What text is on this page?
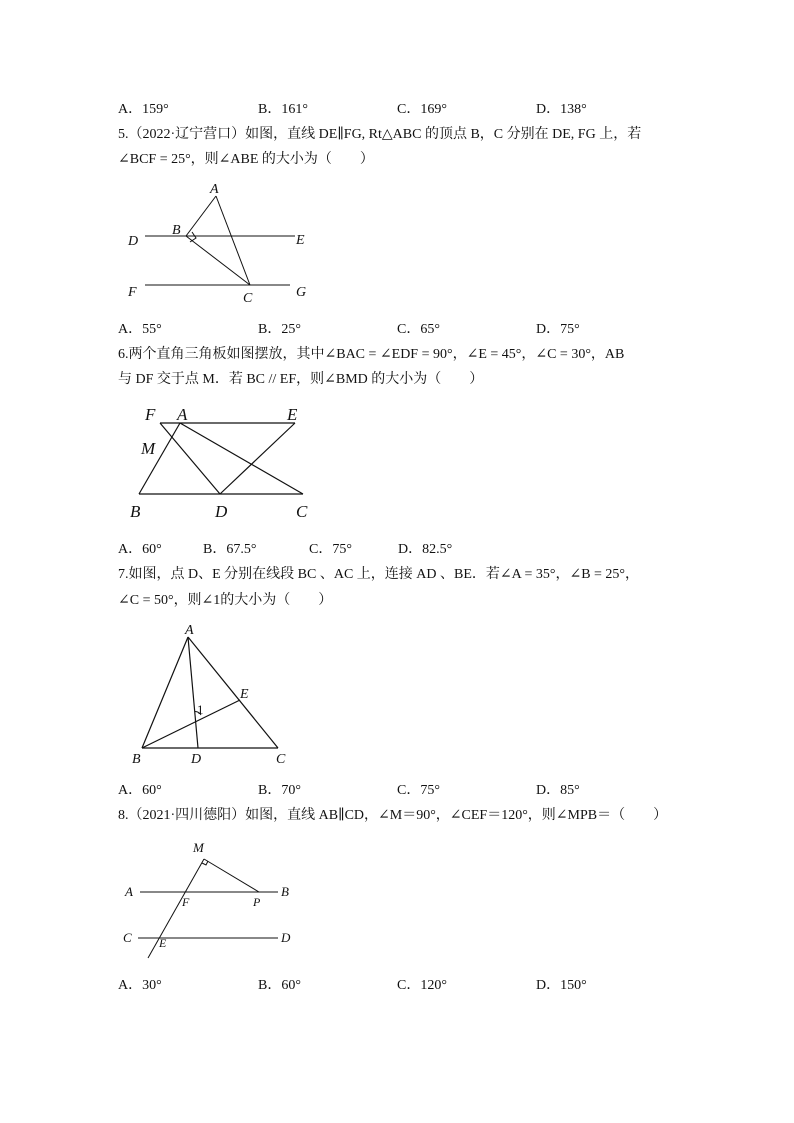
A．159°	B．161°	C．169°	D．138°
5.（2022·辽宁营口）如图，直线 DE∥FG, Rt△ABC 的顶点 B，C 分别在 DE, FG 上，若
∠BCF = 25°，则∠ABE 的大小为（　　）
A
B
D	E
F	C	G
A．55°	B．25°	C．65°	D．75°
6.两个直角三角板如图摆放，其中∠BAC = ∠EDF = 90°，∠E = 45°，∠C = 30°，AB
与 DF 交于点 M．若 BC // EF，则∠BMD 的大小为（　　）
F A	E
M
B	D	C
A．60°	B．67.5°	C．75°	D．82.5°
7.如图，点 D、E 分别在线段 BC 、AC 上，连接 AD 、BE．若∠A = 35°，∠B = 25°，
∠C = 50°，则∠1的大小为（　　）
A
E
1
B	D	C
A．60°	B．70°	C．75°	D．85°
8.（2021·四川德阳）如图，直线 AB∥CD，∠M＝90°，∠CEF＝120°，则∠MPB＝（　　）
M
A
F	P
B
C E	D
A．30°	B．60°	C．120°	D．150°
